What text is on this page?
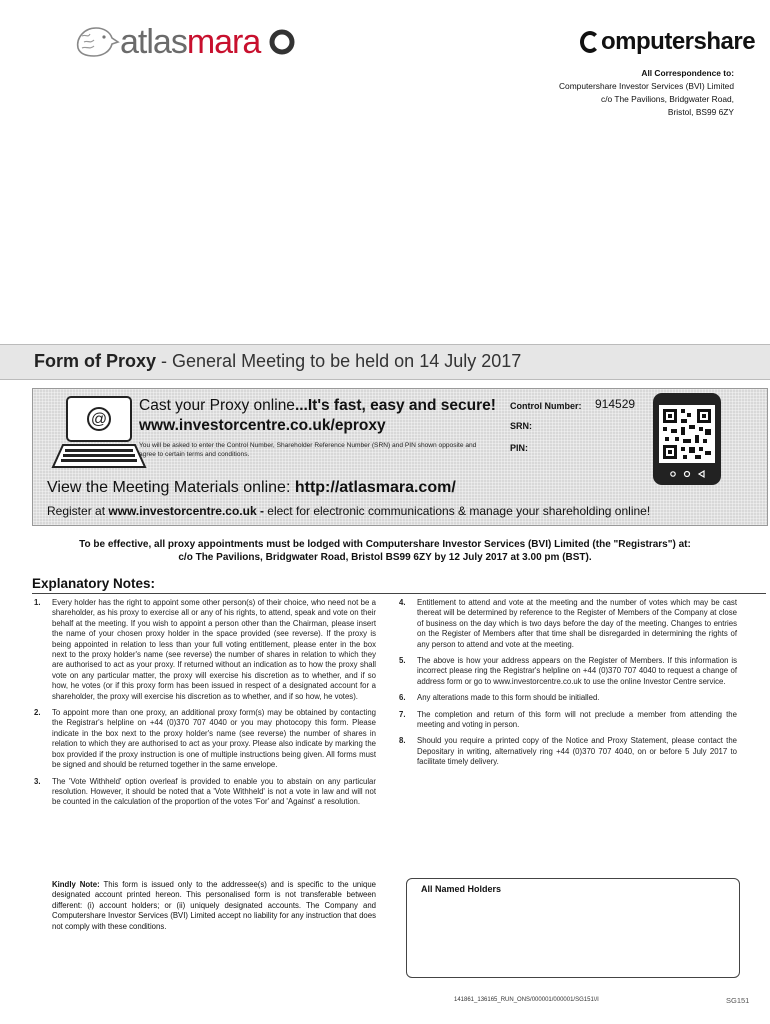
atlasmara	omputershare
All Correspondence to:
Computershare Investor Services (BVI) Limited
c/o The Pavilions, Bridgwater Road,
Bristol, BS99 6ZY
Form of Proxy - General Meeting to be held on 14 July 2017
@
Cast your Proxy online...It's fast, easy and secure!
www.investorcentre.co.uk/eproxy
You will be asked to enter the Control Number, Shareholder Reference Number (SRN) and PIN shown opposite and agree to certain terms and conditions.
Control Number: 914529
SRN:
PIN:
View the Meeting Materials online: http://atlasmara.com/
Register at www.investorcentre.co.uk - elect for electronic communications & manage your shareholding online!
To be effective, all proxy appointments must be lodged with Computershare Investor Services (BVI) Limited (the "Registrars") at:
c/o The Pavilions, Bridgwater Road, Bristol BS99 6ZY by 12 July 2017 at 3.00 pm (BST).
Explanatory Notes:
1. Every holder has the right to appoint some other person(s) of their choice, who need not be a shareholder, as his proxy to exercise all or any of his rights, to attend, speak and vote on their behalf at the meeting. If you wish to appoint a person other than the Chairman, please insert the name of your chosen proxy holder in the space provided (see reverse). If the proxy is being appointed in relation to less than your full voting entitlement, please enter in the box next to the proxy holder's name (see reverse) the number of shares in relation to which they are authorised to act as your proxy. If returned without an indication as to how the proxy shall vote on any particular matter, the proxy will exercise his discretion as to whether, and if so how, he votes (or if this proxy form has been issued in respect of a designated account for a shareholder, the proxy will exercise his discretion as to whether, and if so how, he votes).
2. To appoint more than one proxy, an additional proxy form(s) may be obtained by contacting the Registrar's helpline on +44 (0)370 707 4040 or you may photocopy this form. Please indicate in the box next to the proxy holder's name (see reverse) the number of shares in relation to which they are authorised to act as your proxy. Please also indicate by marking the box provided if the proxy instruction is one of multiple instructions being given. All forms must be signed and should be returned together in the same envelope.
3. The 'Vote Withheld' option overleaf is provided to enable you to abstain on any particular resolution. However, it should be noted that a 'Vote Withheld' is not a vote in law and will not be counted in the calculation of the proportion of the votes 'For' and 'Against' a resolution.
4. Entitlement to attend and vote at the meeting and the number of votes which may be cast thereat will be determined by reference to the Register of Members of the Company at close of business on the day which is two days before the day of the meeting. Changes to entries on the Register of Members after that time shall be disregarded in determining the rights of any person to attend and vote at the meeting.
5. The above is how your address appears on the Register of Members. If this information is incorrect please ring the Registrar's helpline on +44 (0)370 707 4040 to request a change of address form or go to www.investorcentre.co.uk to use the online Investor Centre service.
6. Any alterations made to this form should be initialled.
7. The completion and return of this form will not preclude a member from attending the meeting and voting in person.
8. Should you require a printed copy of the Notice and Proxy Statement, please contact the Depositary in writing, alternatively ring +44 (0)370 707 4040, on or before 5 July 2017 to facilitate timely delivery.
Kindly Note: This form is issued only to the addressee(s) and is specific to the unique designated account printed hereon. This personalised form is not transferable between different: (i) account holders; or (ii) uniquely designated accounts. The Company and Computershare Investor Services (BVI) Limited accept no liability for any instruction that does not comply with these conditions.
All Named Holders
141861_136165_RUN_ONS/000001/000001/SG151\/I	SG151
